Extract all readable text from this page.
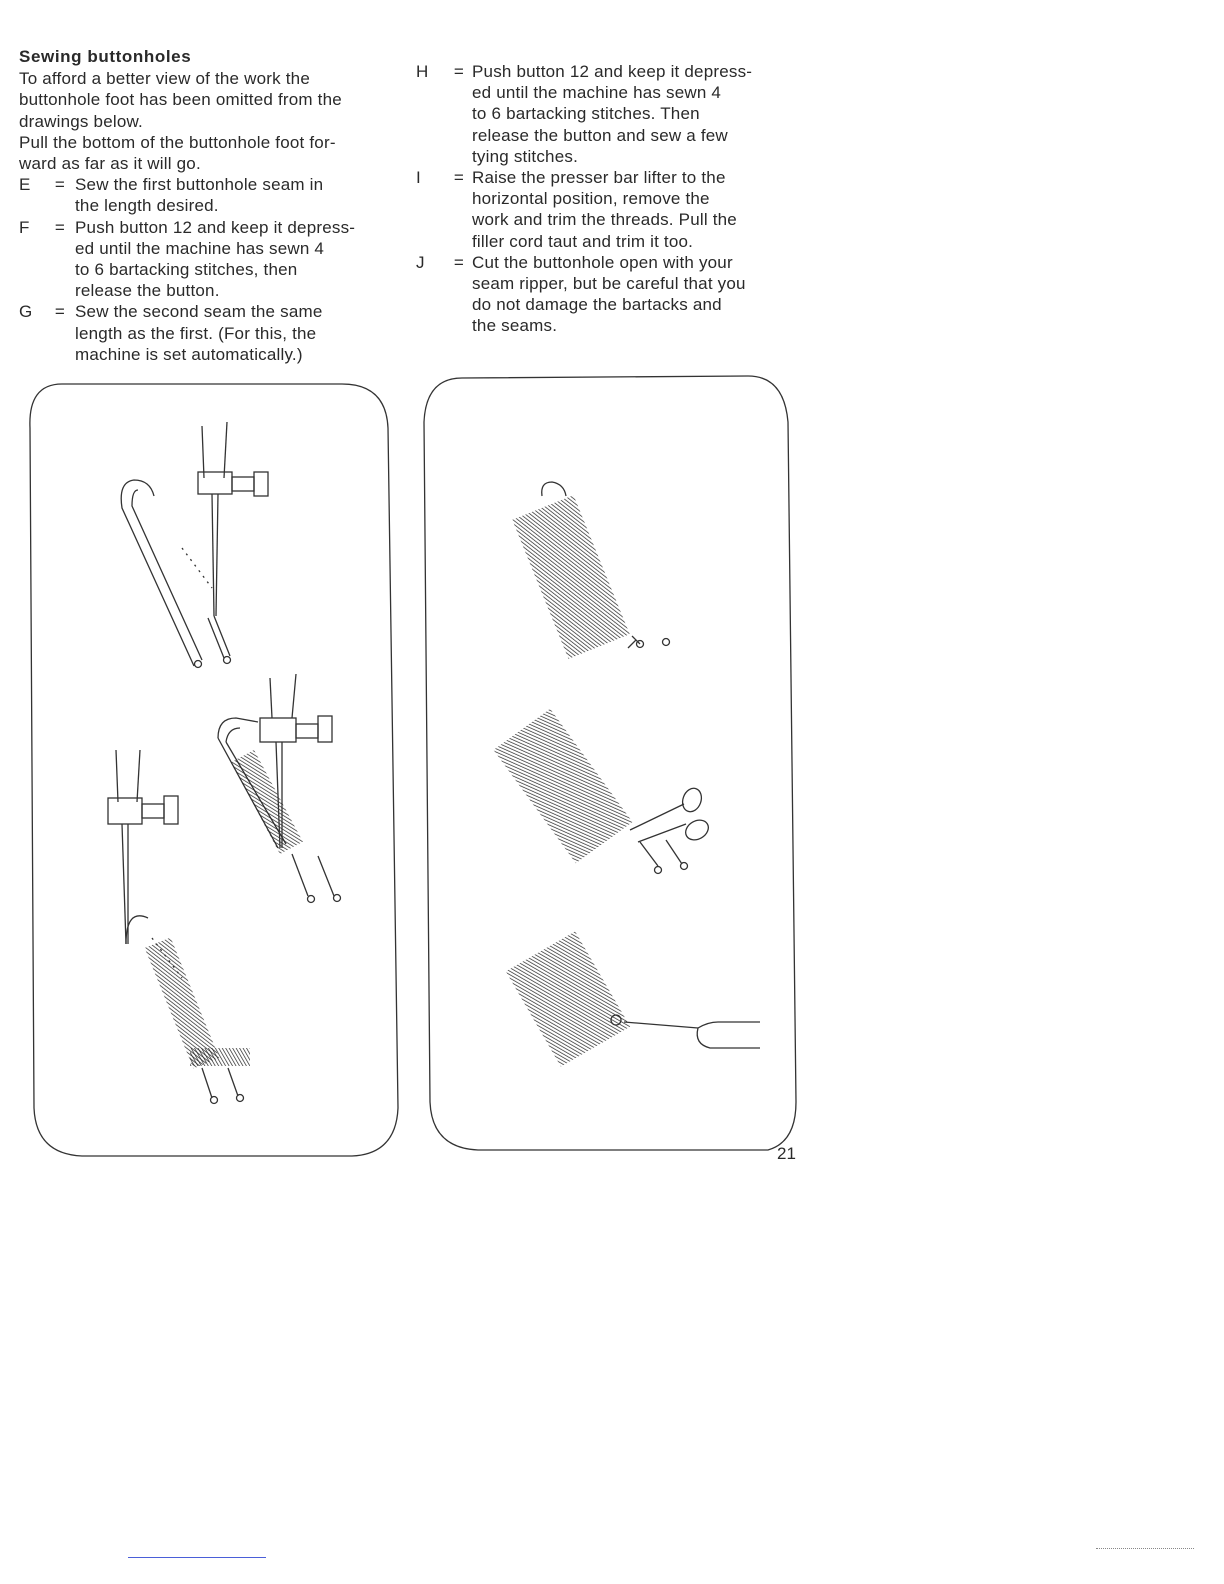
Sewing buttonholes
To afford a better view of the work the
buttonhole foot has been omitted from the
drawings below.
Pull the bottom of the buttonhole foot for-
ward as far as it will go.
E	= Sew the first buttonhole seam in
the length desired.
F	= Push button 12 and keep it depress-
ed until the machine has sewn 4
to 6 bartacking stitches, then
release the button.
G	= Sew the second seam the same
length as the first. (For this, the
machine is set automatically.)
H	= Push button 12 and keep it depress-
ed until the machine has sewn 4
to 6 bartacking stitches. Then
release the button and sew a few
tying stitches.
I	= Raise the presser bar lifter to the
horizontal position, remove the
work and trim the threads. Pull the
filler cord taut and trim it too.
J	= Cut the buttonhole open with your
seam ripper, but be careful that you
do not damage the bartacks and
the seams.
21
